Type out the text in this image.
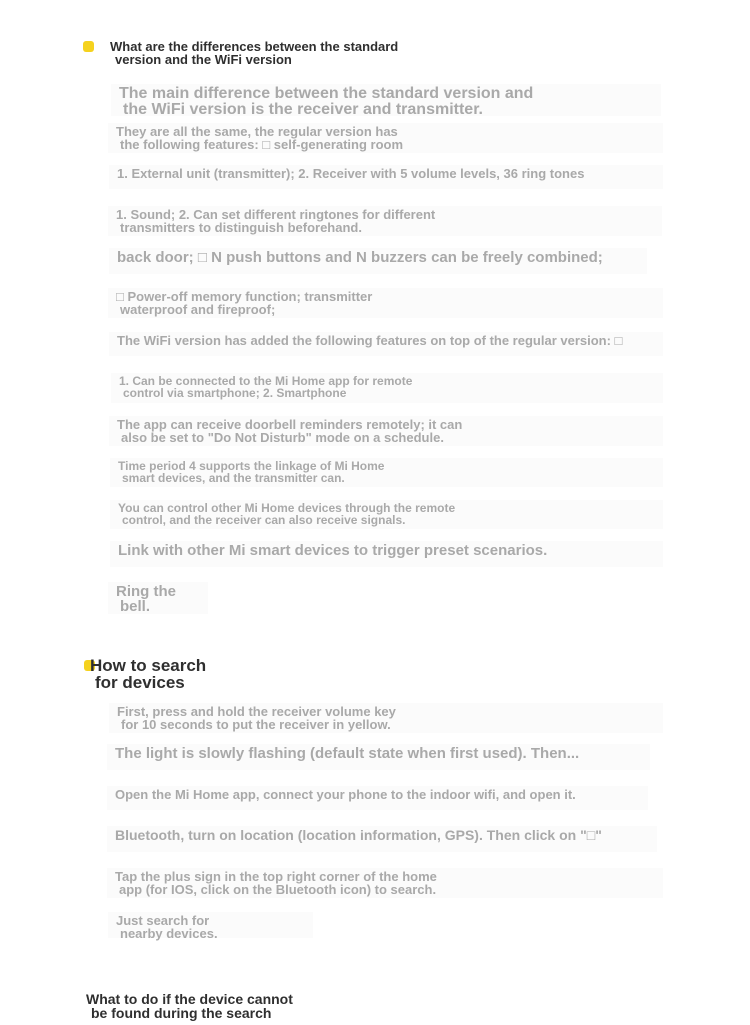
What are the differences between the standard
version and the WiFi version
The main difference between the standard version and
the WiFi version is the receiver and transmitter.
They are all the same, the regular version has
the following features: □ self-generating room
1. External unit (transmitter); 2. Receiver with 5 volume levels, 36 ring tones
1. Sound; 2. Can set different ringtones for different
transmitters to distinguish beforehand.
back door; □ N push buttons and N buzzers can be freely combined;
□ Power-off memory function; transmitter
waterproof and fireproof;
The WiFi version has added the following features on top of the regular version: □
1. Can be connected to the Mi Home app for remote
control via smartphone; 2. Smartphone
The app can receive doorbell reminders remotely; it can
also be set to "Do Not Disturb" mode on a schedule.
Time period 4 supports the linkage of Mi Home
smart devices, and the transmitter can.
You can control other Mi Home devices through the remote
control, and the receiver can also receive signals.
Link with other Mi smart devices to trigger preset scenarios.
Ring the
bell.
How to search
for devices
First, press and hold the receiver volume key
for 10 seconds to put the receiver in yellow.
The light is slowly flashing (default state when first used). Then...
Open the Mi Home app, connect your phone to the indoor wifi, and open it.
Bluetooth, turn on location (location information, GPS). Then click on "□"
Tap the plus sign in the top right corner of the home
app (for IOS, click on the Bluetooth icon) to search.
Just search for
nearby devices.
What to do if the device cannot
be found during the search
